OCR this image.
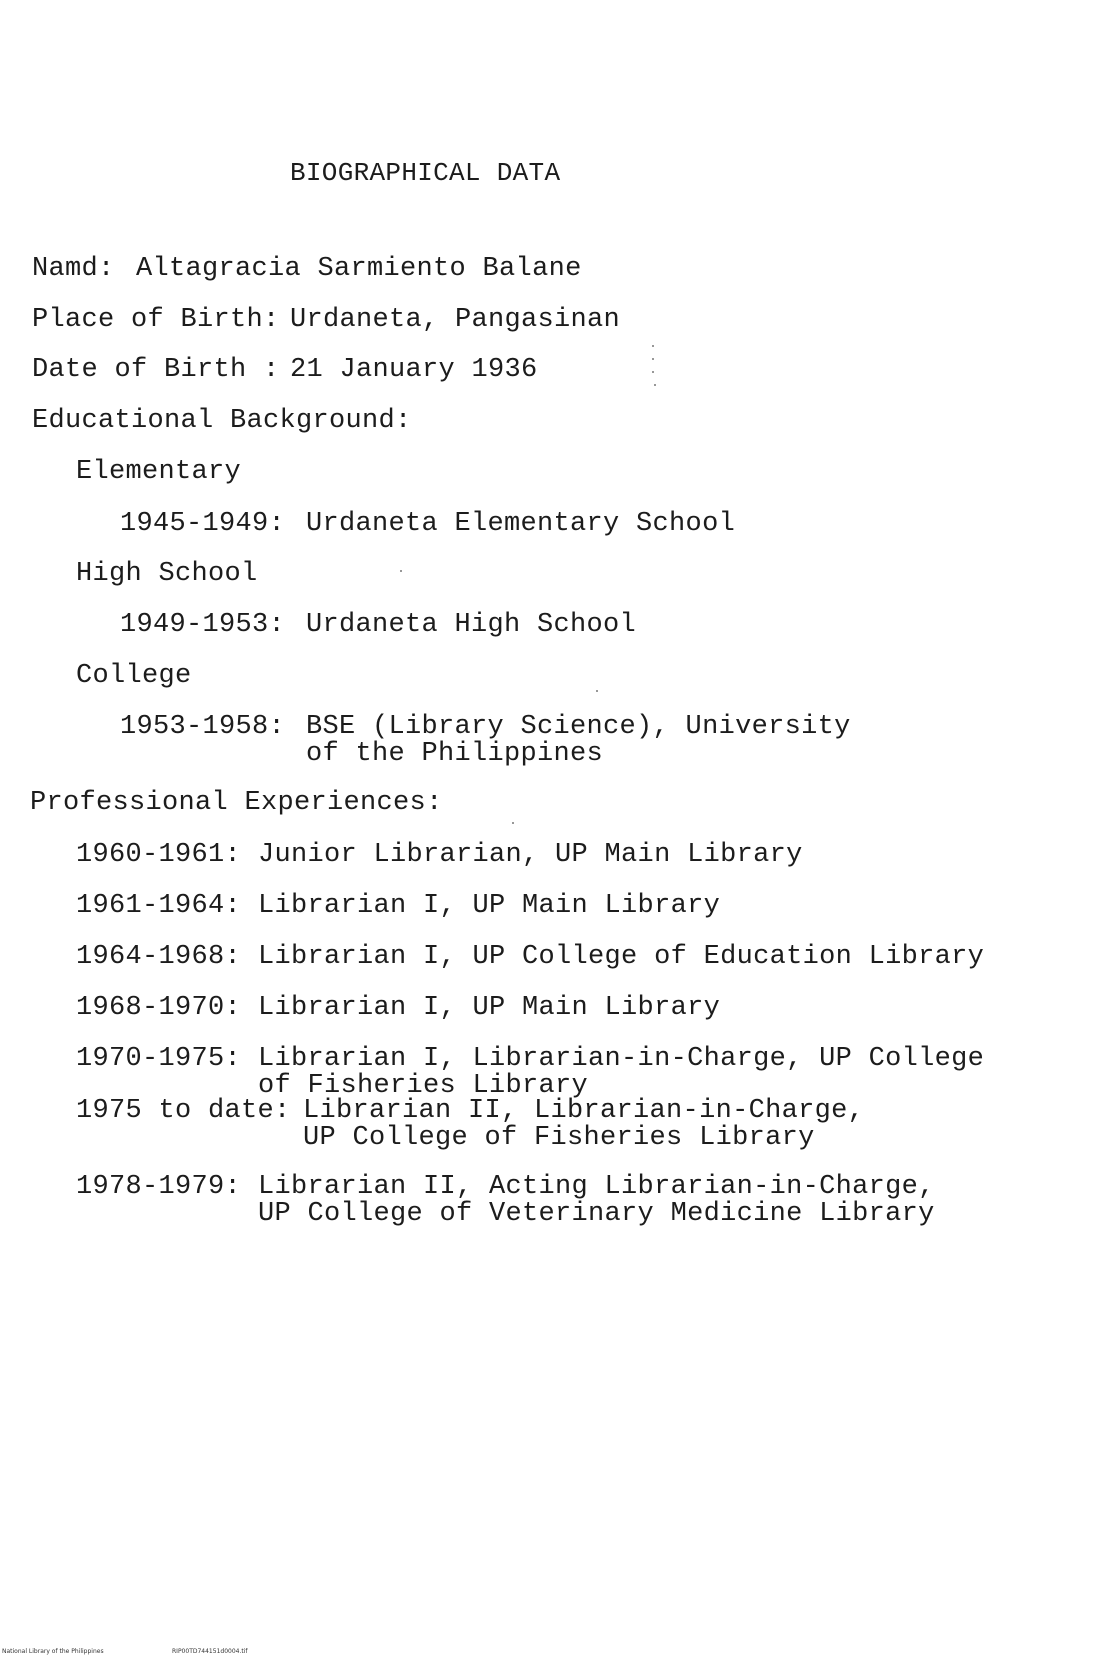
BIOGRAPHICAL DATA
Namd: Altagracia Sarmiento Balane
Place of Birth: Urdaneta, Pangasinan
Date of Birth : 21 January 1936
Educational Background:
Elementary
1945-1949: Urdaneta Elementary School
High School
1949-1953: Urdaneta High School
College
1953-1958: BSE (Library Science), University
of the Philippines
Professional Experiences:
1960-1961: Junior Librarian, UP Main Library
1961-1964: Librarian I, UP Main Library
1964-1968: Librarian I, UP College of Education Library
1968-1970: Librarian I, UP Main Library
1970-1975: Librarian I, Librarian-in-Charge, UP College
of Fisheries Library
1975 to date: Librarian II, Librarian-in-Charge,
UP College of Fisheries Library
1978-1979: Librarian II, Acting Librarian-in-Charge,
UP College of Veterinary Medicine Library
National Library of the Philippines	RIP00TD744151d0004.tif
